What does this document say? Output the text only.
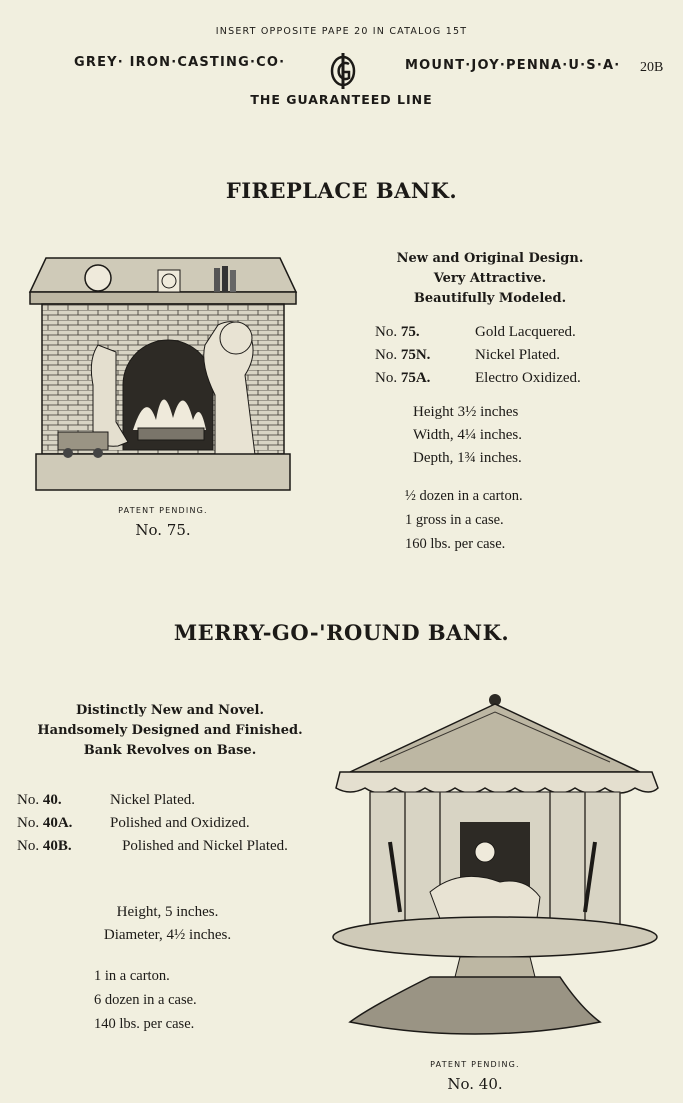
INSERT OPPOSITE PAPE 20 IN CATALOG 15T
GREY· IRON·CASTING·CO·	MOUNT·JOY·PENNA·U·S·A· 20B
THE GUARANTEED LINE
FIREPLACE BANK.
PATENT PENDING.
No. 75.
New and Original Design.
Very Attractive.
Beautifully Modeled.
No. 75.	Gold Lacquered.
No. 75N.	Nickel Plated.
No. 75A.	Electro Oxidized.
Height 3½ inches
Width, 4¼ inches.
Depth, 1¾ inches.
½ dozen in a carton.
1 gross in a case.
160 lbs. per case.
MERRY-GO-'ROUND BANK.
Distinctly New and Novel.
Handsomely Designed and Finished.
Bank Revolves on Base.
No. 40.	Nickel Plated.
No. 40A.	Polished and Oxidized.
No. 40B.	Polished and Nickel Plated.
Height, 5 inches.
Diameter, 4½ inches.
1 in a carton.
6 dozen in a case.
140 lbs. per case.
PATENT PENDING.
No. 40.
